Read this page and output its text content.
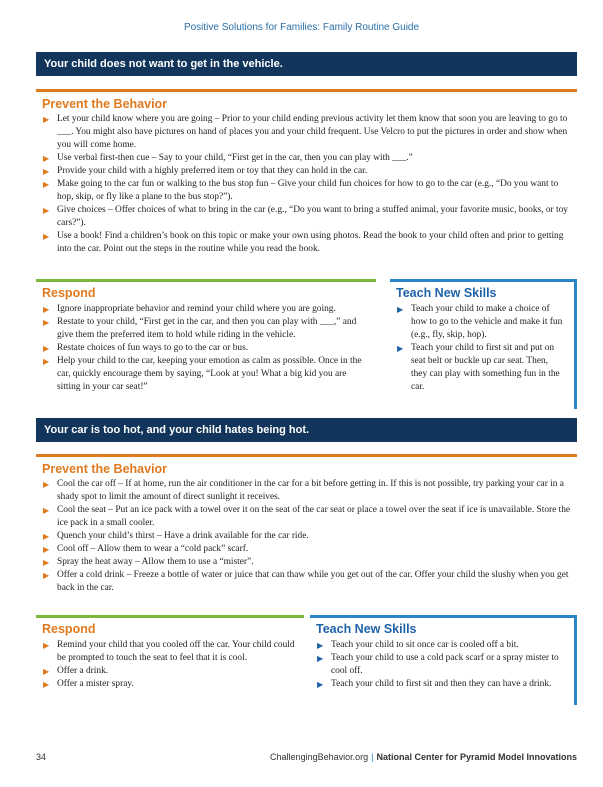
Positive Solutions for Families: Family Routine Guide
Your child does not want to get in the vehicle.
Prevent the Behavior
▶ Let your child know where you are going – Prior to your child ending previous activity let them know that soon you are leaving to go to ___. You might also have pictures on hand of places you and your child frequent. Use Velcro to put the pictures in order and show when you will come home.
▶ Use verbal first-then cue – Say to your child, “First get in the car, then you can play with ___.”
▶ Provide your child with a highly preferred item or toy that they can hold in the car.
▶ Make going to the car fun or walking to the bus stop fun – Give your child fun choices for how to go to the car (e.g., “Do you want to hop, skip, or fly like a plane to the bus stop?”).
▶ Give choices – Offer choices of what to bring in the car (e.g., “Do you want to bring a stuffed animal, your favorite music, books, or toy cars?”).
▶ Use a book! Find a children’s book on this topic or make your own using photos. Read the book to your child often and prior to getting into the car. Point out the steps in the routine while you read the book.
Respond
▶ Ignore inappropriate behavior and remind your child where you are going.
▶ Restate to your child, “First get in the car, and then you can play with ___,” and give them the preferred item to hold while riding in the vehicle.
▶ Restate choices of fun ways to go to the car or bus.
▶ Help your child to the car, keeping your emotion as calm as possible. Once in the car, quickly encourage them by saying, “Look at you! What a big kid you are sitting in your car seat!”
Teach New Skills
▶ Teach your child to make a choice of how to go to the vehicle and make it fun (e.g., fly, skip, hop).
▶ Teach your child to first sit and put on seat belt or buckle up car seat. Then, they can play with something fun in the car.
Your car is too hot, and your child hates being hot.
Prevent the Behavior
▶ Cool the car off – If at home, run the air conditioner in the car for a bit before getting in. If this is not possible, try parking your car in a shady spot to limit the amount of direct sunlight it receives.
▶ Cool the seat – Put an ice pack with a towel over it on the seat of the car seat or place a towel over the seat if ice is unavailable. Store the ice pack in a small cooler.
▶ Quench your child’s thirst – Have a drink available for the car ride.
▶ Cool off – Allow them to wear a “cold pack” scarf.
▶ Spray the heat away – Allow them to use a “mister”.
▶ Offer a cold drink – Freeze a bottle of water or juice that can thaw while you get out of the car. Offer your child the slushy when you get back in the car.
Respond
▶ Remind your child that you cooled off the car. Your child could be prompted to touch the seat to feel that it is cool.
▶ Offer a drink.
▶ Offer a mister spray.
Teach New Skills
▶ Teach your child to sit once car is cooled off a bit.
▶ Teach your child to use a cold pack scarf or a spray mister to cool off.
▶ Teach your child to first sit and then they can have a drink.
34	ChallengingBehavior.org | National Center for Pyramid Model Innovations
